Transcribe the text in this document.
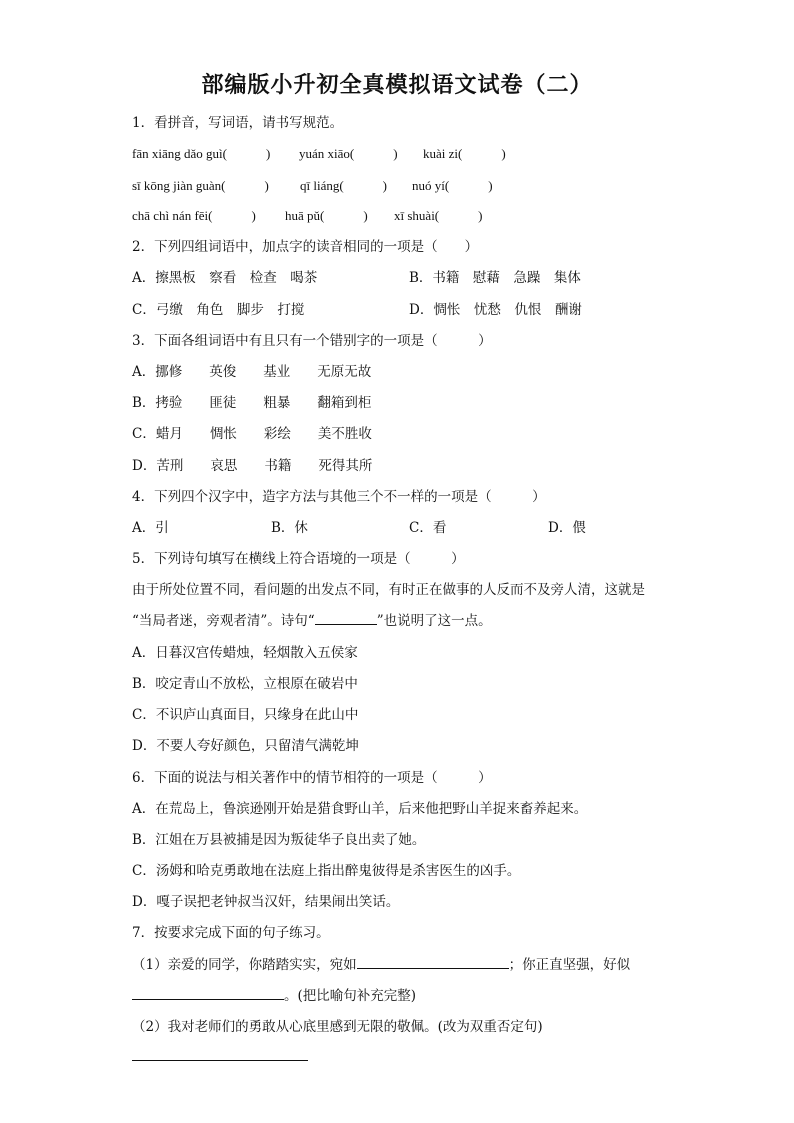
部编版小升初全真模拟语文试卷（二）
1．看拼音，写词语，请书写规范。
fān xiāng dǎo guì(　　　) yuán xiāo(　　　) kuài zi(　　　)
sī kōng jiàn guàn(　　　) qī liáng(　　　) nuó yí(　　　)
chā chì nán fēi(　　　) huā pǔ(　　　) xī shuài(　　　)
2．下列四组词语中，加点字的读音相同的一项是（　　）
A．擦黑板　察看　检查　喝茶	B．书籍　慰藉　急躁　集体
C．弓缴　角色　脚步　打搅	D．惆怅　忧愁　仇恨　酬谢
3．下面各组词语中有且只有一个错别字的一项是（　　　）
A．挪修　　英俊　　基业　　无原无故
B．拷验　　匪徒　　粗暴　　翻箱到柜
C．蜡月　　惆怅　　彩绘　　美不胜收
D．苦刑　　哀思　　书籍　　死得其所
4．下列四个汉字中，造字方法与其他三个不一样的一项是（　　　）
A．引	B．休	C．看	D．偎
5．下列诗句填写在横线上符合语境的一项是（　　　）
由于所处位置不同，看问题的出发点不同，有时正在做事的人反而不及旁人清，这就是
“当局者迷，旁观者清”。诗句“	”也说明了这一点。
A．日暮汉宫传蜡烛，轻烟散入五侯家
B．咬定青山不放松，立根原在破岩中
C．不识庐山真面目，只缘身在此山中
D．不要人夸好颜色，只留清气满乾坤
6．下面的说法与相关著作中的情节相符的一项是（　　　）
A．在荒岛上，鲁滨逊刚开始是猎食野山羊，后来他把野山羊捉来畜养起来。
B．江姐在万县被捕是因为叛徒华子良出卖了她。
C．汤姆和哈克勇敢地在法庭上指出醉鬼彼得是杀害医生的凶手。
D．嘎子误把老钟叔当汉奸，结果闹出笑话。
7．按要求完成下面的句子练习。
（1）亲爱的同学，你踏踏实实，宛如	；你正直坚强，好似
。(把比喻句补充完整)
（2）我对老师们的勇敢从心底里感到无限的敬佩。(改为双重否定句)
